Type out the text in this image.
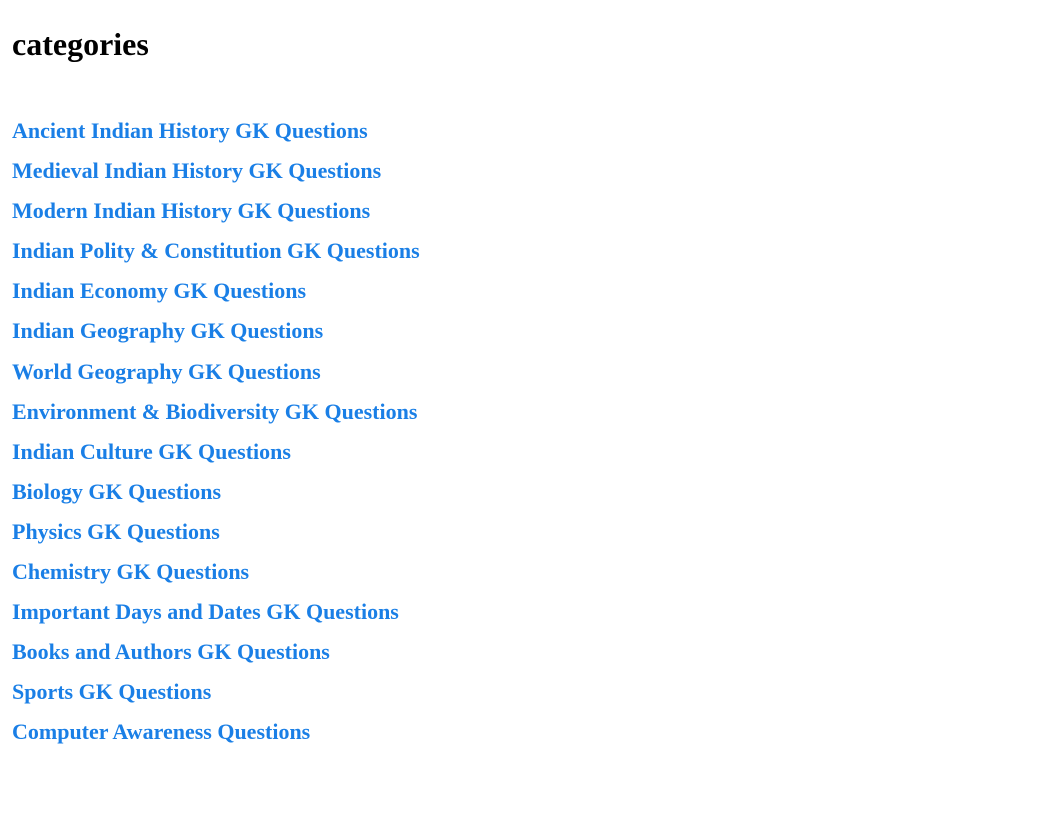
categories
Ancient Indian History GK Questions
Medieval Indian History GK Questions
Modern Indian History GK Questions
Indian Polity & Constitution GK Questions
Indian Economy GK Questions
Indian Geography GK Questions
World Geography GK Questions
Environment & Biodiversity GK Questions
Indian Culture GK Questions
Biology GK Questions
Physics GK Questions
Chemistry GK Questions
Important Days and Dates GK Questions
Books and Authors GK Questions
Sports GK Questions
Computer Awareness Questions
